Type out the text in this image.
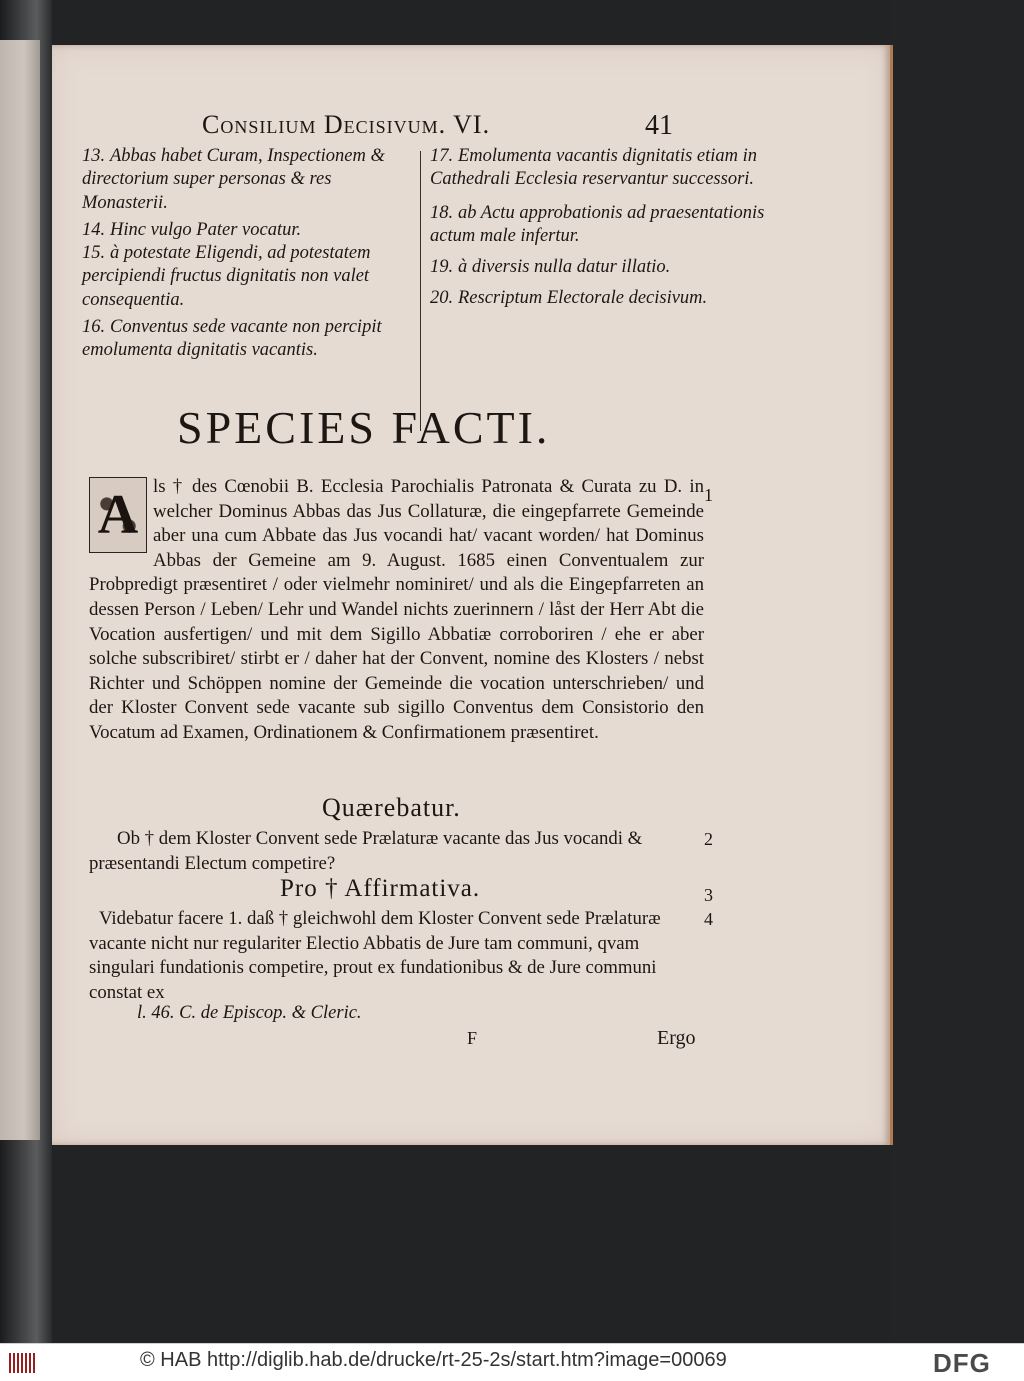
Consilium Decisivum. VI.	41
13. Abbas habet Curam, Inspectionem & directorium super personas & res Monasterii.
14. Hinc vulgo Pater vocatur.
15. à potestate Eligendi, ad potestatem percipiendi fructus dignitatis non valet consequentia.
16. Conventus sede vacante non percipit emolumenta dignitatis vacantis.
17. Emolumenta vacantis dignitatis etiam in Cathedrali Ecclesia reservantur successori.
18. ab Actu approbationis ad praesentationis actum male infertur.
19. à diversis nulla datur illatio.
20. Rescriptum Electorale decisivum.
SPECIES FACTI.
A ls † des Cœnobii B. Ecclesia Parochialis Patronata & Curata zu D. in welcher Dominus Abbas das Jus Collaturæ, die eingepfarrete Gemeinde aber una cum Abbate das Jus vocandi hat/ vacant worden/ hat Dominus Abbas der Gemeine am 9. August. 1685 einen Conventualem zur Probpredigt præsentiret / oder vielmehr nominiret/ und als die Eingepfarreten an dessen Person / Leben/ Lehr und Wandel nichts zuerinnern / låst der Herr Abt die Vocation ausfertigen/ und mit dem Sigillo Abbatiæ corroboriren / ehe er aber solche subscribiret/ stirbt er / daher hat der Convent, nomine des Klosters / nebst Richter und Schöppen nomine der Gemeinde die vocation unterschrieben/ und der Kloster Convent sede vacante sub sigillo Conventus dem Consistorio den Vocatum ad Examen, Ordinationem & Confirmationem præsentiret.

1
Quærebatur.
Ob † dem Kloster Convent sede Prælaturæ vacante das Jus vocandi & præsentandi Electum competire?
2
Pro † Affirmativa.	3
4
Videbatur facere 1. daß † gleichwohl dem Kloster Convent sede Prælaturæ vacante nicht nur regulariter Electio Abbatis de Jure tam communi, qvam singulari fundationis competire, prout ex fundationibus & de Jure communi constat ex
l. 46. C. de Episcop. & Cleric.
F	Ergo
© HAB http://diglib.hab.de/drucke/rt-25-2s/start.htm?image=00069	DFG
